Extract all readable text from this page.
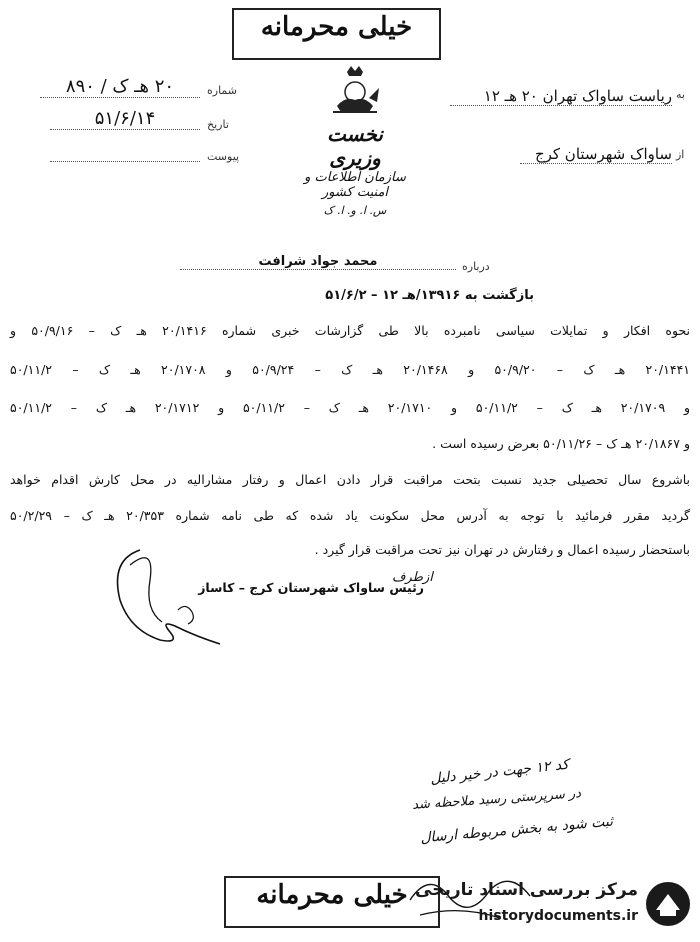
خیلی محرمانه
شماره
۲۰ هـ ک / ۸۹۰
تاریخ
۵۱/۶/۱۴
پیوست
نخست وزیری
سازمان اطلاعات و امنیت کشور
س. ا. و. ا. ک
به
ریاست ساواک تهران ۲۰ هـ ۱۲
از
ساواک شهرستان کرج
درباره
محمد جواد شرافت
بازگشت به ۱۳۹۱۶/هـ ۱۲ – ۵۱/۶/۲
نحوه افکار و تمایلات سیاسی نامبرده بالا طی گزارشات خبری شماره ۲۰/۱۴۱۶ هـ ک – ۵۰/۹/۱۶ و
۲۰/۱۴۴۱ هـ ک – ۵۰/۹/۲۰ و ۲۰/۱۴۶۸ هـ ک – ۵۰/۹/۲۴ و ۲۰/۱۷۰۸ هـ ک – ۵۰/۱۱/۲
و ۲۰/۱۷۰۹ هـ ک – ۵۰/۱۱/۲ و ۲۰/۱۷۱۰ هـ ک – ۵۰/۱۱/۲ و ۲۰/۱۷۱۲ هـ ک – ۵۰/۱۱/۲
و ۲۰/۱۸۶۷ هـ ک – ۵۰/۱۱/۲۶ بعرض رسیده است .
باشروع سال تحصیلی جدید نسبت بتحت مراقبت قرار دادن اعمال و رفتار مشارالیه در محل کارش اقدام خواهد
گردید مقرر فرمائید با توجه به آدرس محل سکونت یاد شده که طی نامه شماره ۲۰/۳۵۳ هـ ک – ۵۰/۲/۲۹
باستحضار رسیده اعمال و رفتارش در تهران نیز تحت مراقبت قرار گیرد .
رئیس ساواک شهرستان کرج – کاساز
ازطرف
کد ۱۲ جهت در خیر دلیل
در سرپرستی رسید ملاحظه شد
ثبت شود به بخش مربوطه ارسال
خیلی محرمانه مرکز بررسی اسناد تاریخی
historydocuments.ir
